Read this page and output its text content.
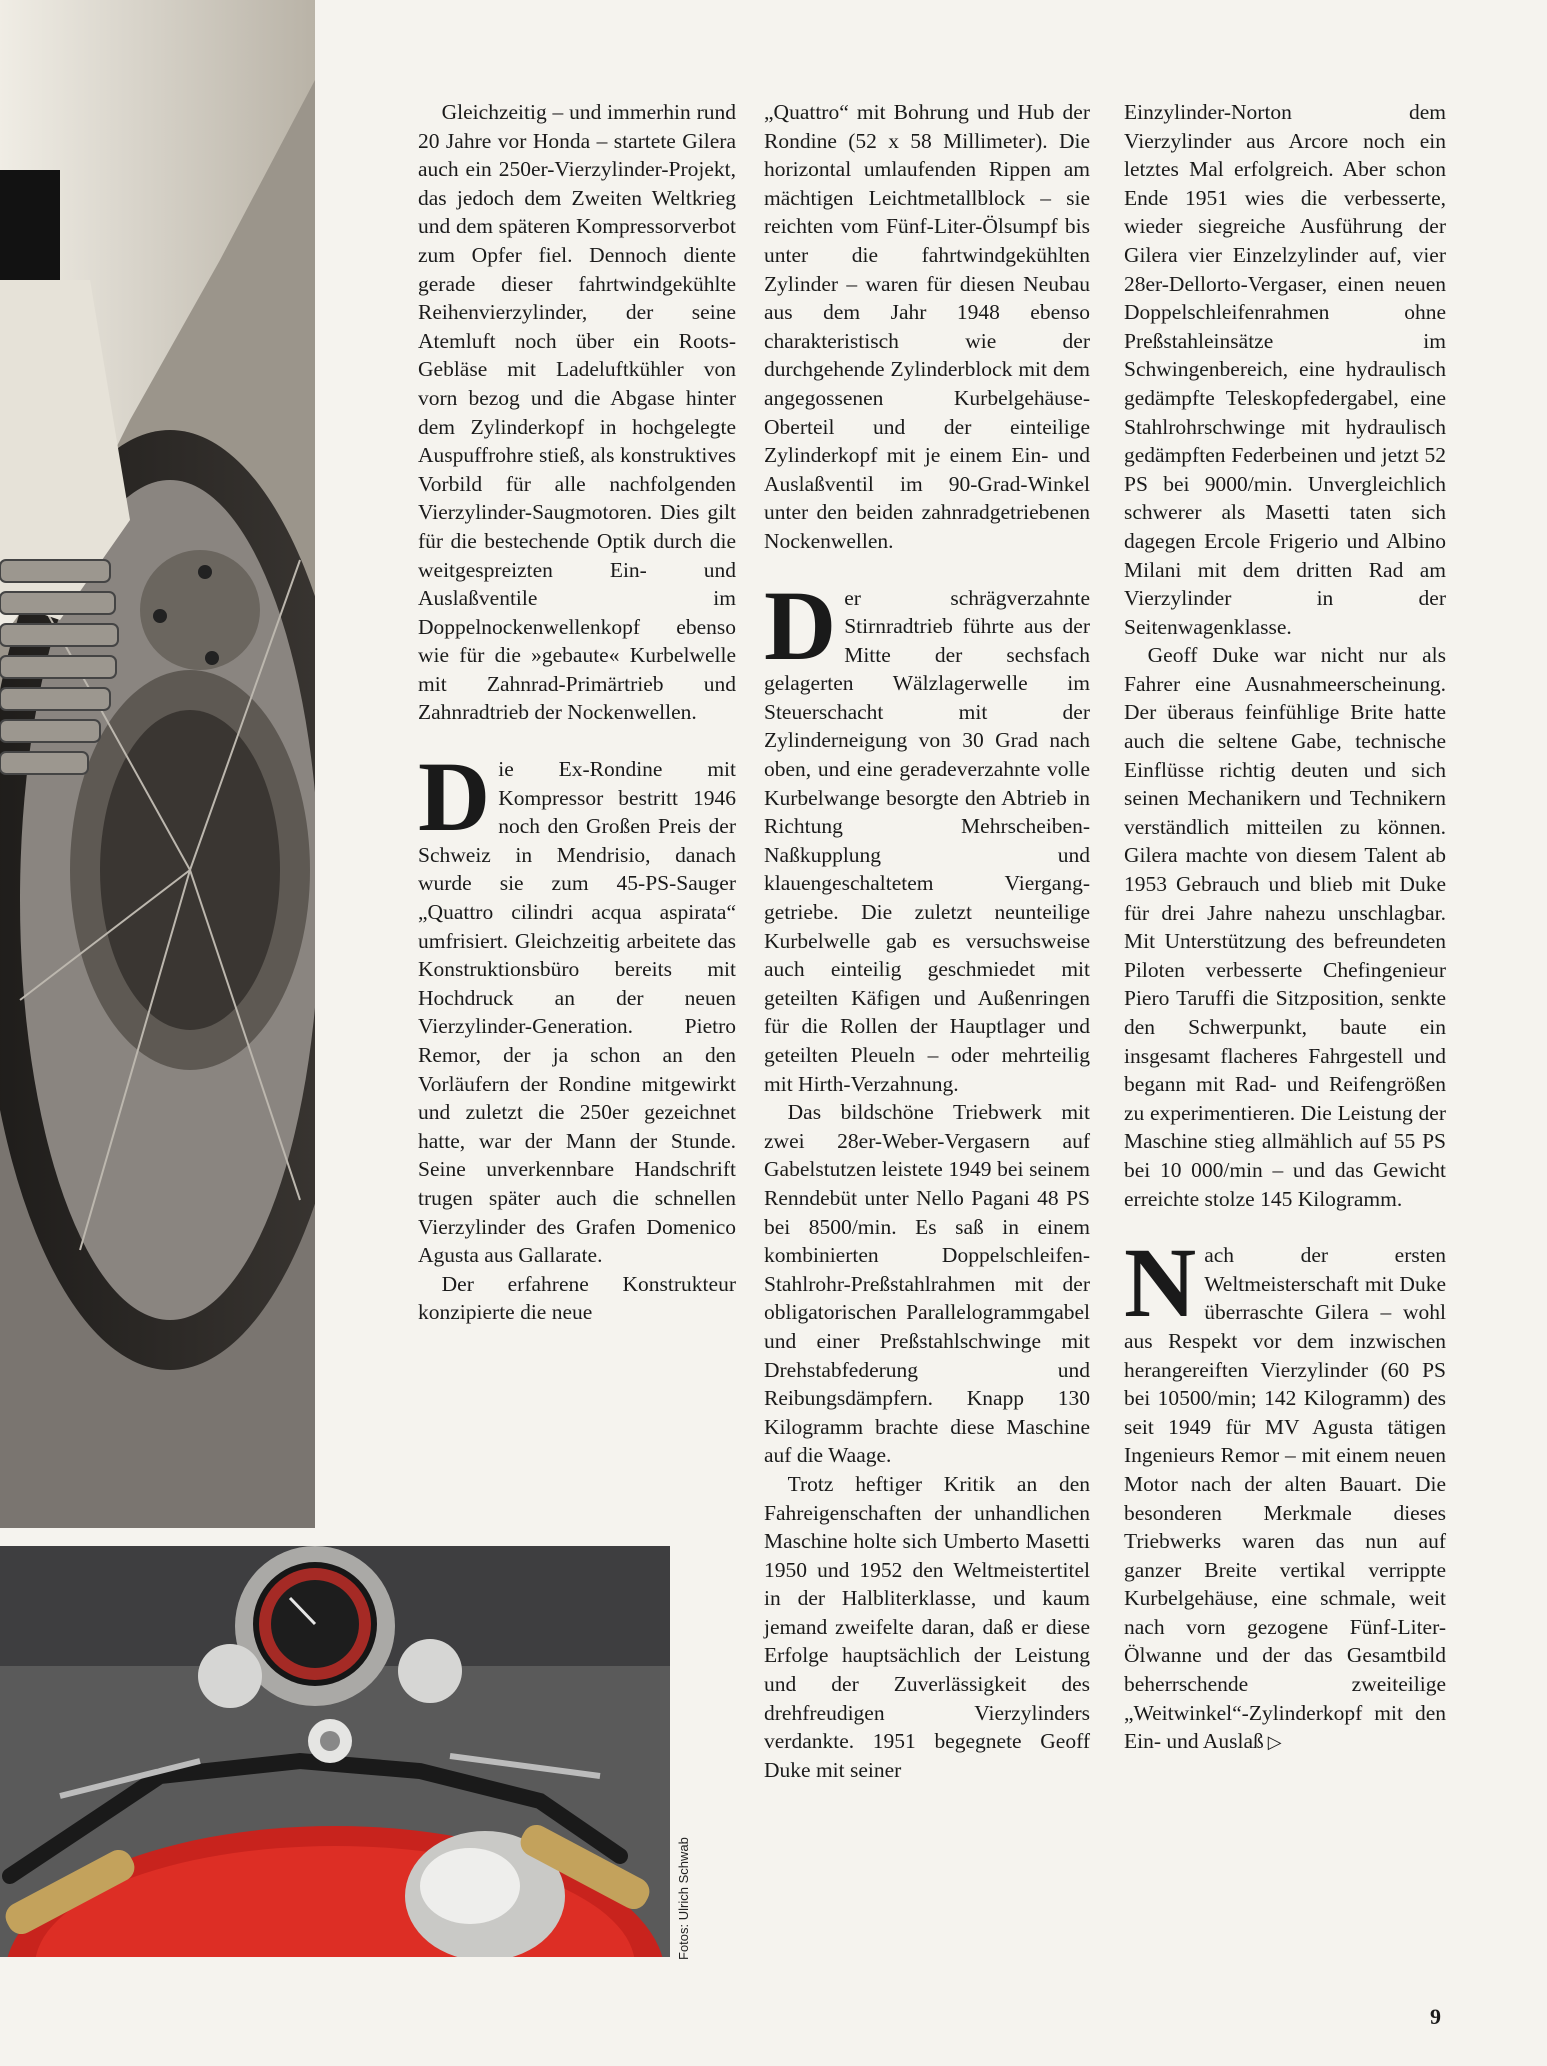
Fotos: Ulrich Schwab

Gleichzeitig – und immerhin rund 20 Jahre vor Honda – startete Gilera auch ein 250er-Vierzylinder-Projekt, das jedoch dem Zweiten Weltkrieg und dem späteren Kompressorverbot zum Opfer fiel. Dennoch diente gerade dieser fahrtwindgekühlte Reihenvierzylinder, der seine Atemluft noch über ein Roots-Gebläse mit Ladeluftkühler von vorn bezog und die Abgase hinter dem Zylinderkopf in hochgelegte Auspuffrohre stieß, als konstruktives Vorbild für alle nachfolgenden Vierzylinder-Saugmotoren. Dies gilt für die bestechende Optik durch die weitgespreizten Ein- und Auslaßventile im Doppelnockenwellenkopf ebenso wie für die »gebaute« Kurbelwelle mit Zahnrad-Primärtrieb und Zahnradtrieb der Nockenwellen.

Die Ex-Rondine mit Kompressor bestritt 1946 noch den Großen Preis der Schweiz in Mendrisio, danach wurde sie zum 45-PS-Sauger „Quattro cilindri acqua aspirata“ umfrisiert. Gleichzeitig arbeitete das Konstruktionsbüro bereits mit Hochdruck an der neuen Vierzylinder-Generation. Pietro Remor, der ja schon an den Vorläufern der Rondine mitgewirkt und zuletzt die 250er gezeichnet hatte, war der Mann der Stunde. Seine unverkennbare Handschrift trugen später auch die schnellen Vierzylinder des Grafen Domenico Agusta aus Gallarate.

Der erfahrene Konstrukteur konzipierte die neue

„Quattro“ mit Bohrung und Hub der Rondine (52 x 58 Millimeter). Die horizontal umlaufenden Rippen am mächtigen Leichtmetallblock – sie reichten vom Fünf-Liter-Ölsumpf bis unter die fahrtwindgekühlten Zylinder – waren für diesen Neubau aus dem Jahr 1948 ebenso charakteristisch wie der durchgehende Zylinderblock mit dem angegossenen Kurbelgehäuse-Oberteil und der einteilige Zylinderkopf mit je einem Ein- und Auslaßventil im 90-Grad-Winkel unter den beiden zahnradgetriebenen Nockenwellen.

Der schrägverzahnte Stirnradtrieb führte aus der Mitte der sechsfach gelagerten Wälzlagerwelle im Steuerschacht mit der Zylinderneigung von 30 Grad nach oben, und eine geradeverzahnte volle Kurbelwange besorgte den Abtrieb in Richtung Mehrscheiben-Naßkupplung und klauengeschaltetem Viergang-getriebe. Die zuletzt neunteilige Kurbelwelle gab es versuchsweise auch einteilig geschmiedet mit geteilten Käfigen und Außenringen für die Rollen der Hauptlager und geteilten Pleueln – oder mehrteilig mit Hirth-Verzahnung.

Das bildschöne Triebwerk mit zwei 28er-Weber-Vergasern auf Gabelstutzen leistete 1949 bei seinem Renndebüt unter Nello Pagani 48 PS bei 8500/min. Es saß in einem kombinierten Doppelschleifen-Stahlrohr-Preßstahlrahmen mit der obligatorischen Parallelogrammgabel und einer Preßstahlschwinge mit Drehstabfederung und Reibungsdämpfern. Knapp 130 Kilogramm brachte diese Maschine auf die Waage.

Trotz heftiger Kritik an den Fahreigenschaften der unhandlichen Maschine holte sich Umberto Masetti 1950 und 1952 den Weltmeistertitel in der Halbliterklasse, und kaum jemand zweifelte daran, daß er diese Erfolge hauptsächlich der Leistung und der Zuverlässigkeit des drehfreudigen Vierzylinders verdankte. 1951 begegnete Geoff Duke mit seiner

Einzylinder-Norton dem Vierzylinder aus Arcore noch ein letztes Mal erfolgreich. Aber schon Ende 1951 wies die verbesserte, wieder siegreiche Ausführung der Gilera vier Einzelzylinder auf, vier 28er-Dellorto-Vergaser, einen neuen Doppelschleifenrahmen ohne Preßstahleinsätze im Schwingenbereich, eine hydraulisch gedämpfte Teleskopfedergabel, eine Stahlrohrschwinge mit hydraulisch gedämpften Federbeinen und jetzt 52 PS bei 9000/min. Unvergleichlich schwerer als Masetti taten sich dagegen Ercole Frigerio und Albino Milani mit dem dritten Rad am Vierzylinder in der Seitenwagenklasse.

Geoff Duke war nicht nur als Fahrer eine Ausnahmeerscheinung. Der überaus feinfühlige Brite hatte auch die seltene Gabe, technische Einflüsse richtig deuten und sich seinen Mechanikern und Technikern verständlich mitteilen zu können. Gilera machte von diesem Talent ab 1953 Gebrauch und blieb mit Duke für drei Jahre nahezu unschlagbar. Mit Unterstützung des befreundeten Piloten verbesserte Chefingenieur Piero Taruffi die Sitzposition, senkte den Schwerpunkt, baute ein insgesamt flacheres Fahrgestell und begann mit Rad- und Reifengrößen zu experimentieren. Die Leistung der Maschine stieg allmählich auf 55 PS bei 10 000/min – und das Gewicht erreichte stolze 145 Kilogramm.

Nach der ersten Weltmeisterschaft mit Duke überraschte Gilera – wohl aus Respekt vor dem inzwischen herangereiften Vierzylinder (60 PS bei 10500/min; 142 Kilogramm) des seit 1949 für MV Agusta tätigen Ingenieurs Remor – mit einem neuen Motor nach der alten Bauart. Die besonderen Merkmale dieses Triebwerks waren das nun auf ganzer Breite vertikal verrippte Kurbelgehäuse, eine schmale, weit nach vorn gezogene Fünf-Liter-Ölwanne und der das Gesamtbild beherrschende zweiteilige „Weitwinkel“-Zylinderkopf mit den Ein- und Auslaß ▷

9
